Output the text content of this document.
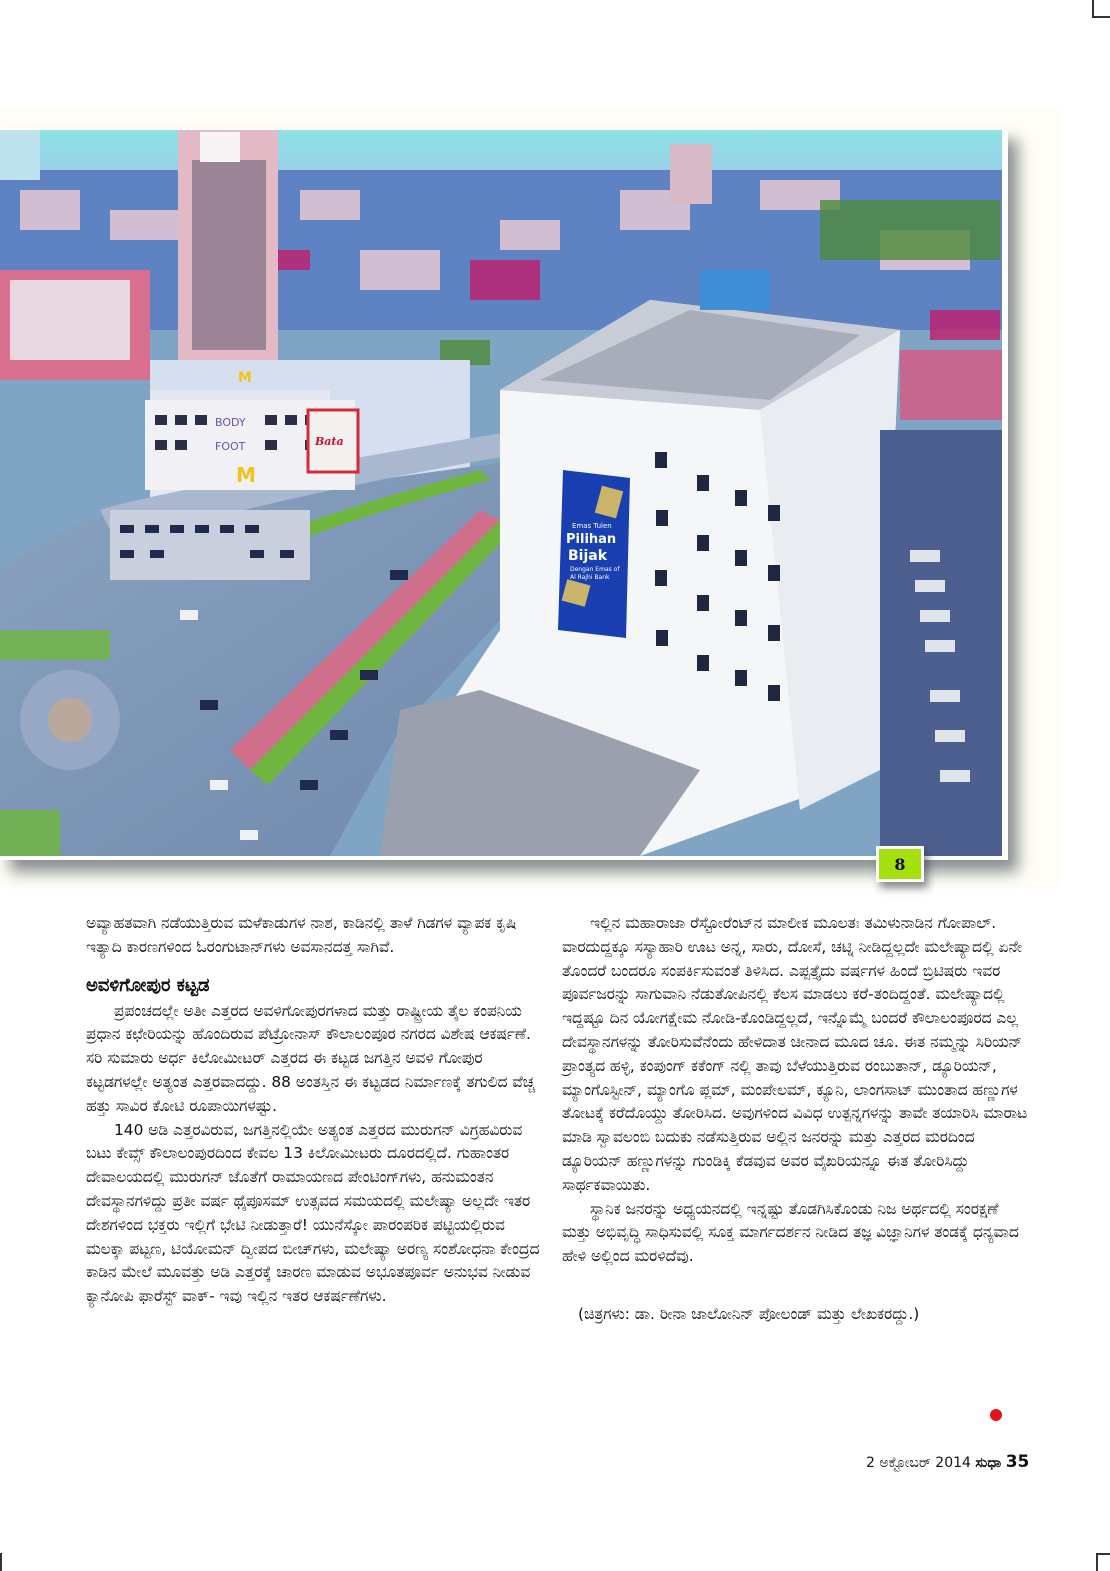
BODY
FOOT	Bata
M
M
Emas Tulen
Pilihan
Bijak
Dengan Emas of
Al Rajhi Bank
8

ಅವ್ಯಾಹತವಾಗಿ ನಡೆಯುತ್ತಿರುವ ಮಳೆಕಾಡುಗಳ ನಾಶ, ಕಾಡಿನಲ್ಲಿ ತಾಳೆ ಗಿಡಗಳ ವ್ಯಾಪಕ ಕೃಷಿ ಇತ್ಯಾದಿ ಕಾರಣಗಳಿಂದ ಓರಂಗುಟಾನ್‌ಗಳು ಅವಸಾನದತ್ತ ಸಾಗಿವೆ.

ಅವಳಿಗೋಪುರ ಕಟ್ಟಡ

ಪ್ರಪಂಚದಲ್ಲೇ ಅತೀ ಎತ್ತರದ ಅವಳಿಗೋಪುರಗಳಾದ ಮತ್ತು ರಾಷ್ಟ್ರೀಯ ತೈಲ ಕಂಪನಿಯ ಪ್ರಧಾನ ಕಛೇರಿಯನ್ನು ಹೊಂದಿರುವ ಪೆಟ್ರೋನಾಸ್ ಕೌಲಾಲಂಪೂರ ನಗರದ ವಿಶೇಷ ಆಕರ್ಷಣೆ. ಸರಿ ಸುಮಾರು ಅರ್ಧ ಕಿಲೋಮೀಟರ್ ಎತ್ತರದ ಈ ಕಟ್ಟಡ ಜಗತ್ತಿನ ಅವಳಿ ಗೋಪುರ ಕಟ್ಟಡಗಳಲ್ಲೇ ಅತ್ಯಂತ ಎತ್ತರವಾದದ್ದು. 88 ಅಂತಸ್ತಿನ ಈ ಕಟ್ಟಡದ ನಿರ್ಮಾಣಕ್ಕೆ ತಗುಲಿದ ವೆಚ್ಚ ಹತ್ತು ಸಾವಿರ ಕೋಟಿ ರೂಪಾಯಿಗಳಷ್ಟು.

140 ಅಡಿ ಎತ್ತರವಿರುವ, ಜಗತ್ತಿನಲ್ಲಿಯೇ ಅತ್ಯಂತ ಎತ್ತರದ ಮುರುಗನ್ ವಿಗ್ರಹವಿರುವ ಬಟು ಕೇವ್ಸ್ ಕೌಲಾಲಂಪುರದಿಂದ ಕೇವಲ 13 ಕಿಲೋಮೀಟರು ದೂರದಲ್ಲಿದೆ. ಗುಹಾಂತರ ದೇವಾಲಯದಲ್ಲಿ ಮುರುಗನ್ ಜೊತೆಗೆ ರಾಮಾಯಣದ ಪೇಂಟಿಂಗ್‌ಗಳು, ಹನುಮಂತನ ದೇವಸ್ಥಾನಗಳಿದ್ದು ಪ್ರತೀ ವರ್ಷ ಥೈಪೂಸಮ್ ಉತ್ಸವದ ಸಮಯದಲ್ಲಿ ಮಲೇಷ್ಯಾ ಅಲ್ಲದೇ ಇತರ ದೇಶಗಳಿಂದ ಭಕ್ತರು ಇಲ್ಲಿಗೆ ಭೇಟಿ ನೀಡುತ್ತಾರೆ! ಯುನೆಸ್ಕೋ ಪಾರಂಪರಿಕ ಪಟ್ಟಿಯಲ್ಲಿರುವ ಮಲಕ್ಕಾ ಪಟ್ಟಣ, ಟಿಯೋಮನ್ ದ್ವೀಪದ ಬೀಚ್‌ಗಳು, ಮಲೇಷ್ಯಾ ಅರಣ್ಯ ಸಂಶೋಧನಾ ಕೇಂದ್ರದ ಕಾಡಿನ ಮೇಲೆ ಮೂವತ್ತು ಅಡಿ ಎತ್ತರಕ್ಕೆ ಚಾರಣ ಮಾಡುವ ಅಭೂತಪೂರ್ವ ಅನುಭವ ನೀಡುವ ಕ್ಯಾನೋಪಿ ಫಾರೆಸ್ಟ್ ವಾಕ್- ಇವು ಇಲ್ಲಿನ ಇತರ ಆಕರ್ಷಣೆಗಳು.

ಇಲ್ಲಿನ ಮಹಾರಾಜಾ ರೆಸ್ಟೋರೆಂಟ್‌ನ ಮಾಲೀಕ ಮೂಲತಃ ತಮಿಳುನಾಡಿನ ಗೋಪಾಲ್. ವಾರದುದ್ದಕ್ಕೂ ಸಸ್ಯಾಹಾರಿ ಊಟ ಅನ್ನ, ಸಾರು, ದೋಸೆ, ಚಟ್ನಿ ನೀಡಿದ್ದಲ್ಲದೇ ಮಲೇಷ್ಯಾದಲ್ಲಿ ಏನೇ ತೊಂದರೆ ಬಂದರೂ ಸಂಪರ್ಕಿಸುವಂತೆ ತಿಳಿಸಿದ. ಎಪ್ಪತ್ತೈದು ವರ್ಷಗಳ ಹಿಂದೆ ಬ್ರಿಟಿಷರು ಇವರ ಪೂರ್ವಜರನ್ನು ಸಾಗುವಾನಿ ನೆಡುತೋಪಿನಲ್ಲಿ ಕೆಲಸ ಮಾಡಲು ಕರೆ-ತಂದಿದ್ದಂತೆ. ಮಲೇಷ್ಯಾದಲ್ಲಿ ಇದ್ದಷ್ಟೂ ದಿನ ಯೋಗಕ್ಷೇಮ ನೋಡಿ-ಕೊಂಡಿದ್ದಲ್ಲದೆ, ಇನ್ನೊಮ್ಮೆ ಬಂದರೆ ಕೌಲಾಲಂಪೂರದ ಎಲ್ಲ ದೇವಸ್ಥಾನಗಳನ್ನು ತೋರಿಸುವೆನೆಂದು ಹೇಳಿದಾತ ಚೀನಾದ ಮೂದ ಚೂ. ಈತ ನಮ್ಮನ್ನು ಸಿರಿಯನ್ ಪ್ರಾಂತ್ಯದ ಹಳ್ಳಿ, ಕಂಪುಂಗ್ ಕಕೆಂಗ್ ನಲ್ಲಿ ತಾವು ಬೆಳೆಯುತ್ತಿರುವ ರಂಬುತಾನ್, ಡ್ಯೂರಿಯನ್, ಮ್ಯಾಂಗೊಸ್ಟೀನ್, ಮ್ಯಾಂಗೊ ಪ್ಲಮ್, ಮಂಪೇಲಮ್, ಕ್ಯೂನಿ, ಲಾಂಗಸಾಟ್ ಮುಂತಾದ ಹಣ್ಣುಗಳ ತೋಟಕ್ಕೆ ಕರೆದೊಯ್ದು ತೋರಿಸಿದ. ಅವುಗಳಿಂದ ವಿವಿಧ ಉತ್ಪನ್ನಗಳನ್ನು ತಾವೇ ತಯಾರಿಸಿ ಮಾರಾಟ ಮಾಡಿ ಸ್ವಾವಲಂಬಿ ಬದುಕು ನಡೆಸುತ್ತಿರುವ ಅಲ್ಲಿನ ಜನರನ್ನು ಮತ್ತು ಎತ್ತರದ ಮರದಿಂದ ಡ್ಯೂರಿಯನ್ ಹಣ್ಣುಗಳನ್ನು ಗುಂಡಿಕ್ಕಿ ಕೆಡವುವ ಅವರ ವೈಖರಿಯನ್ನೂ ಈತ ತೋರಿಸಿದ್ದು ಸಾರ್ಥಕವಾಯಿತು.

ಸ್ಥಾನಿಕ ಜನರನ್ನು ಅಧ್ಯಯನದಲ್ಲಿ ಇನ್ನಷ್ಟು ತೊಡಗಿಸಿಕೊಂಡು ನಿಜ ಅರ್ಥದಲ್ಲಿ ಸಂರಕ್ಷಣೆ ಮತ್ತು ಅಭಿವೃದ್ಧಿ ಸಾಧಿಸುವಲ್ಲಿ ಸೂಕ್ತ ಮಾರ್ಗದರ್ಶನ ನೀಡಿದ ತಜ್ಞ ವಿಜ್ಞಾನಿಗಳ ತಂಡಕ್ಕೆ ಧನ್ಯವಾದ ಹೇಳಿ ಅಲ್ಲಿಂದ ಮರಳಿದೆವು.

(ಚಿತ್ರಗಳು: ಡಾ. ರೀನಾ ಜಾಲೋನಿನ್ ಪೋಲಂಡ್ ಮತ್ತು ಲೇಖಕರದ್ದು.)

2 ಅಕ್ಟೋಬರ್ 2014 ಸುಧಾ 35
